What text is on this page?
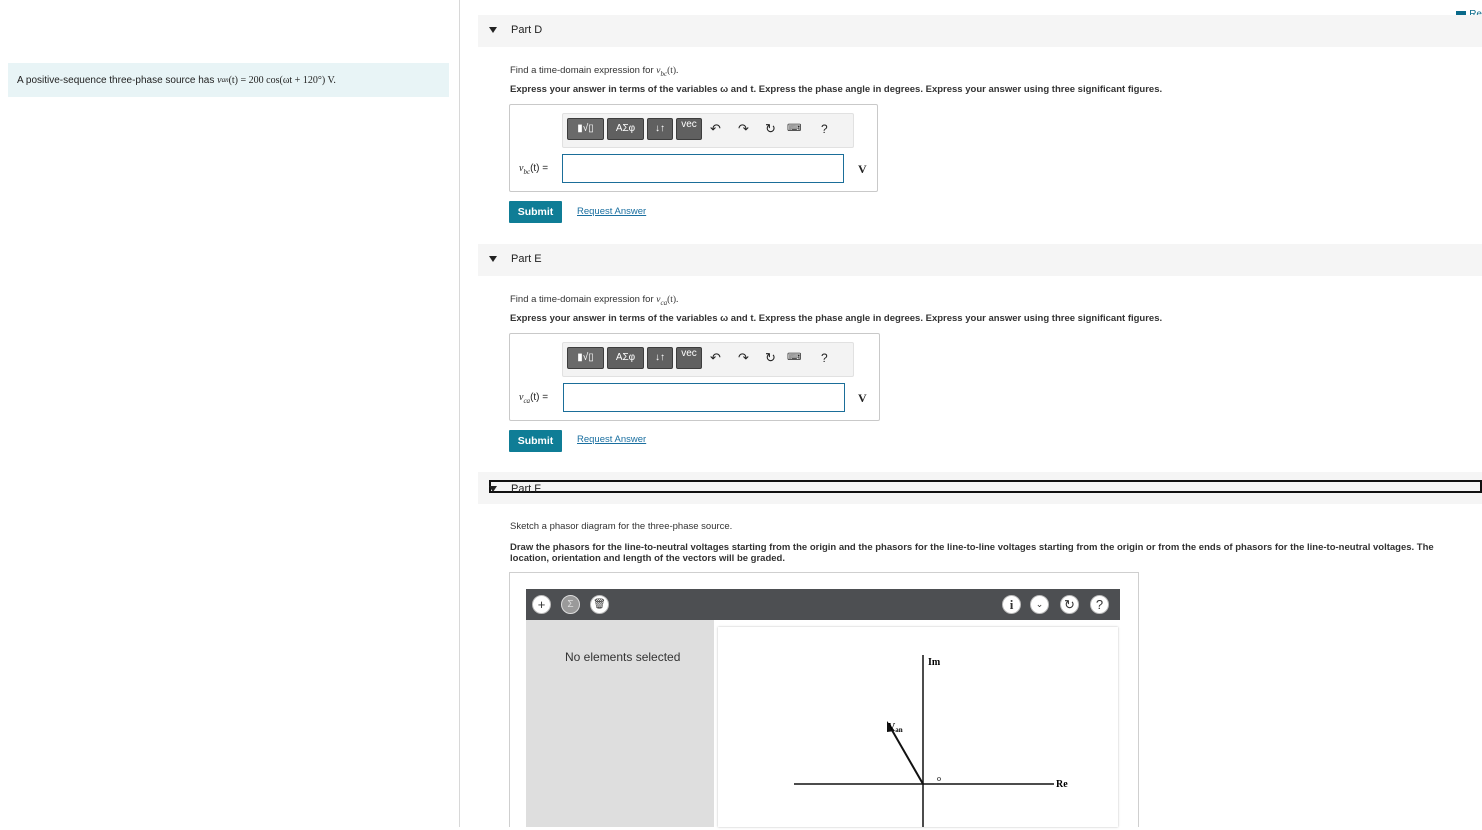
A positive-sequence three-phase source has
v an (t) = 200 cos(ωt + 120°) V.
Part D
Find a time-domain expression for $v_{bc}(t)$.
Express your answer in terms of the variables ω and t. Express the phase angle in degrees. Express your answer using three significant figures.
▮√▯	ΑΣφ	↓↑	vec	↶ ↷ ↻ ⌨ ?
$v_{bc}(t)$ =	V
Submit	Request Answer
Part E
Find a time-domain expression for $v_{ca}(t)$.
Express your answer in terms of the variables ω and t. Express the phase angle in degrees. Express your answer using three significant figures.
▮√▯	ΑΣφ	↓↑	vec	↶ ↷ ↻ ⌨ ?
$v_{ca}(t)$ =	V
Submit	Request Answer
Part F
Sketch a phasor diagram for the three-phase source.
Draw the phasors for the line-to-neutral voltages starting from the origin and the phasors for the line-to-line voltages starting from the origin or from the ends of phasors for the line-to-neutral voltages. The
location, orientation and length of the vectors will be graded.
+	Σ	🗑	i	⌄	↻	?
No elements selected
o
Im
Re
$V_{an}$
